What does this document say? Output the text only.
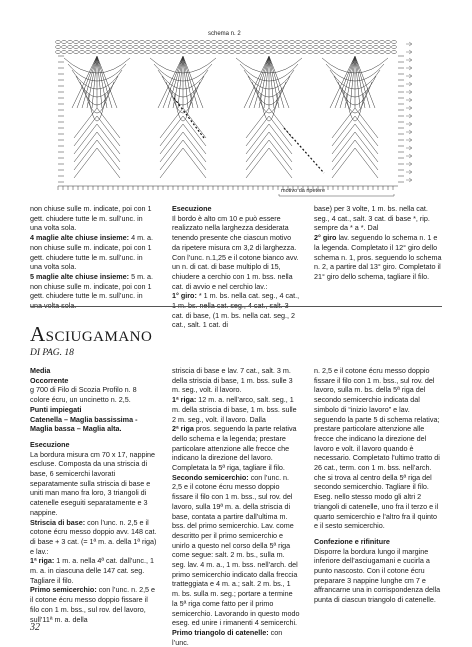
schema n. 2
motivo da ripetere

non chiuse sulle m. indicate, poi con 1 gett. chiudere tutte le m. sull’unc. in una volta sola.

4 maglie alte chiuse insieme: 4 m. a. non chiuse sulle m. indicate, poi con 1 gett. chiudere tutte le m. sull’unc. in una volta sola.

5 maglie alte chiuse insieme: 5 m. a. non chiuse sulle m. indicate, poi con 1 gett. chiudere tutte le m. sull’unc. in una volta sola.

Esecuzione

Il bordo è alto cm 10 e può essere realizzato nella larghezza desiderata tenendo presente che ciascun motivo da ripetere misura cm 3,2 di larghezza. Con l’unc. n.1,25 e il cotone bianco avv. un n. di cat. di base multiplo di 15, chiudere a cerchio con 1 m. bss. nella cat. di avvio e nel cerchio lav.:

1° giro: * 1 m. bs. nella cat. seg., 4 cat., 1 m. bs. nella cat. seg., 4 cat., salt. 3 cat. di base, (1 m. bs. nella cat. seg., 2 cat., salt. 1 cat. di

base) per 3 volte, 1 m. bs. nella cat. seg., 4 cat., salt. 3 cat. di base *, rip. sempre da * a *. Dal

2° giro lav. seguendo lo schema n. 1 e la legenda. Completato il 12° giro dello schema n. 1, pros. seguendo lo schema n. 2, a partire dal 13° giro. Completato il 21° giro dello schema, tagliare il filo.

ASCIUGAMANO
DI PAG. 18

Media

Occorrente

g 700 di Filo di Scozia Profilo n. 8 colore écru, un uncinetto n. 2,5.

Punti impiegati

Catenella – Maglia bassissima - Maglia bassa – Maglia alta.

Esecuzione

La bordura misura cm 70 x 17, nappine escluse. Composta da una striscia di base, 6 semicerchi lavorati separatamente sulla striscia di base e uniti man mano fra loro, 3 triangoli di catenelle eseguiti separatamente e 3 nappine.

Striscia di base: con l’unc. n. 2,5 e il cotone écru messo doppio avv. 148 cat. di base + 3 cat. (= 1ª m. a. della 1ª riga) e lav.:

1ª riga: 1 m. a. nella 4ª cat. dall’unc., 1 m. a. in ciascuna delle 147 cat. seg. Tagliare il filo.

Primo semicerchio: con l’unc. n. 2,5 e il cotone écru messo doppio fissare il filo con 1 m. bss., sul rov. del lavoro, sull’11ª m. a. della

striscia di base e lav. 7 cat., salt. 3 m. della striscia di base, 1 m. bss. sulle 3 m. seg., volt. il lavoro.

1ª riga: 12 m. a. nell’arco, salt. seg., 1 m. della striscia di base, 1 m. bss. sulle 2 m. seg., volt. il lavoro. Dalla

2ª riga pros. seguendo la parte relativa dello schema e la legenda; prestare particolare attenzione alle frecce che indicano la direzione del lavoro. Completata la 5ª riga, tagliare il filo.

Secondo semicerchio: con l’unc. n. 2,5 e il cotone écru messo doppio fissare il filo con 1 m. bss., sul rov. del lavoro, sulla 19ª m. a. della striscia di base, contata a partire dall’ultima m. bss. del primo semicerchio. Lav. come descritto per il primo semicerchio e unirlo a questo nel corso della 5ª riga come segue: salt. 2 m. bs., sulla m. seg. lav. 4 m. a., 1 m. bss. nell’arch. del primo semicerchio indicato dalla freccia tratteggiata e 4 m. a.; salt. 2 m. bs., 1 m. bs. sulla m. seg.; portare a termine la 5ª riga come fatto per il primo semicerchio. Lavorando in questo modo eseg. ed unire i rimanenti 4 semicerchi.

Primo triangolo di catenelle: con l’unc.

n. 2,5 e il cotone écru messo doppio fissare il filo con 1 m. bss., sul rov. del lavoro, sulla m. bs. della 5ª riga del secondo semicerchio indicata dal simbolo di “inizio lavoro” e lav. seguendo la parte 5 di schema relativa; prestare particolare attenzione alle frecce che indicano la direzione del lavoro e volt. il lavoro quando è necessario. Completato l’ultimo tratto di 26 cat., term. con 1 m. bss. nell’arch. che si trova al centro della 5ª riga del secondo semicerchio. Tagliare il filo. Eseg. nello stesso modo gli altri 2 triangoli di catenelle, uno fra il terzo e il quarto semicerchio e l’altro fra il quinto e il sesto semicerchio.

Confezione e rifiniture

Disporre la bordura lungo il margine inferiore dell’asciugamani e cucirla a punto nascosto. Con il cotone écru preparare 3 nappine lunghe cm 7 e affrancarne una in corrispondenza della punta di ciascun triangolo di catenelle.

32
